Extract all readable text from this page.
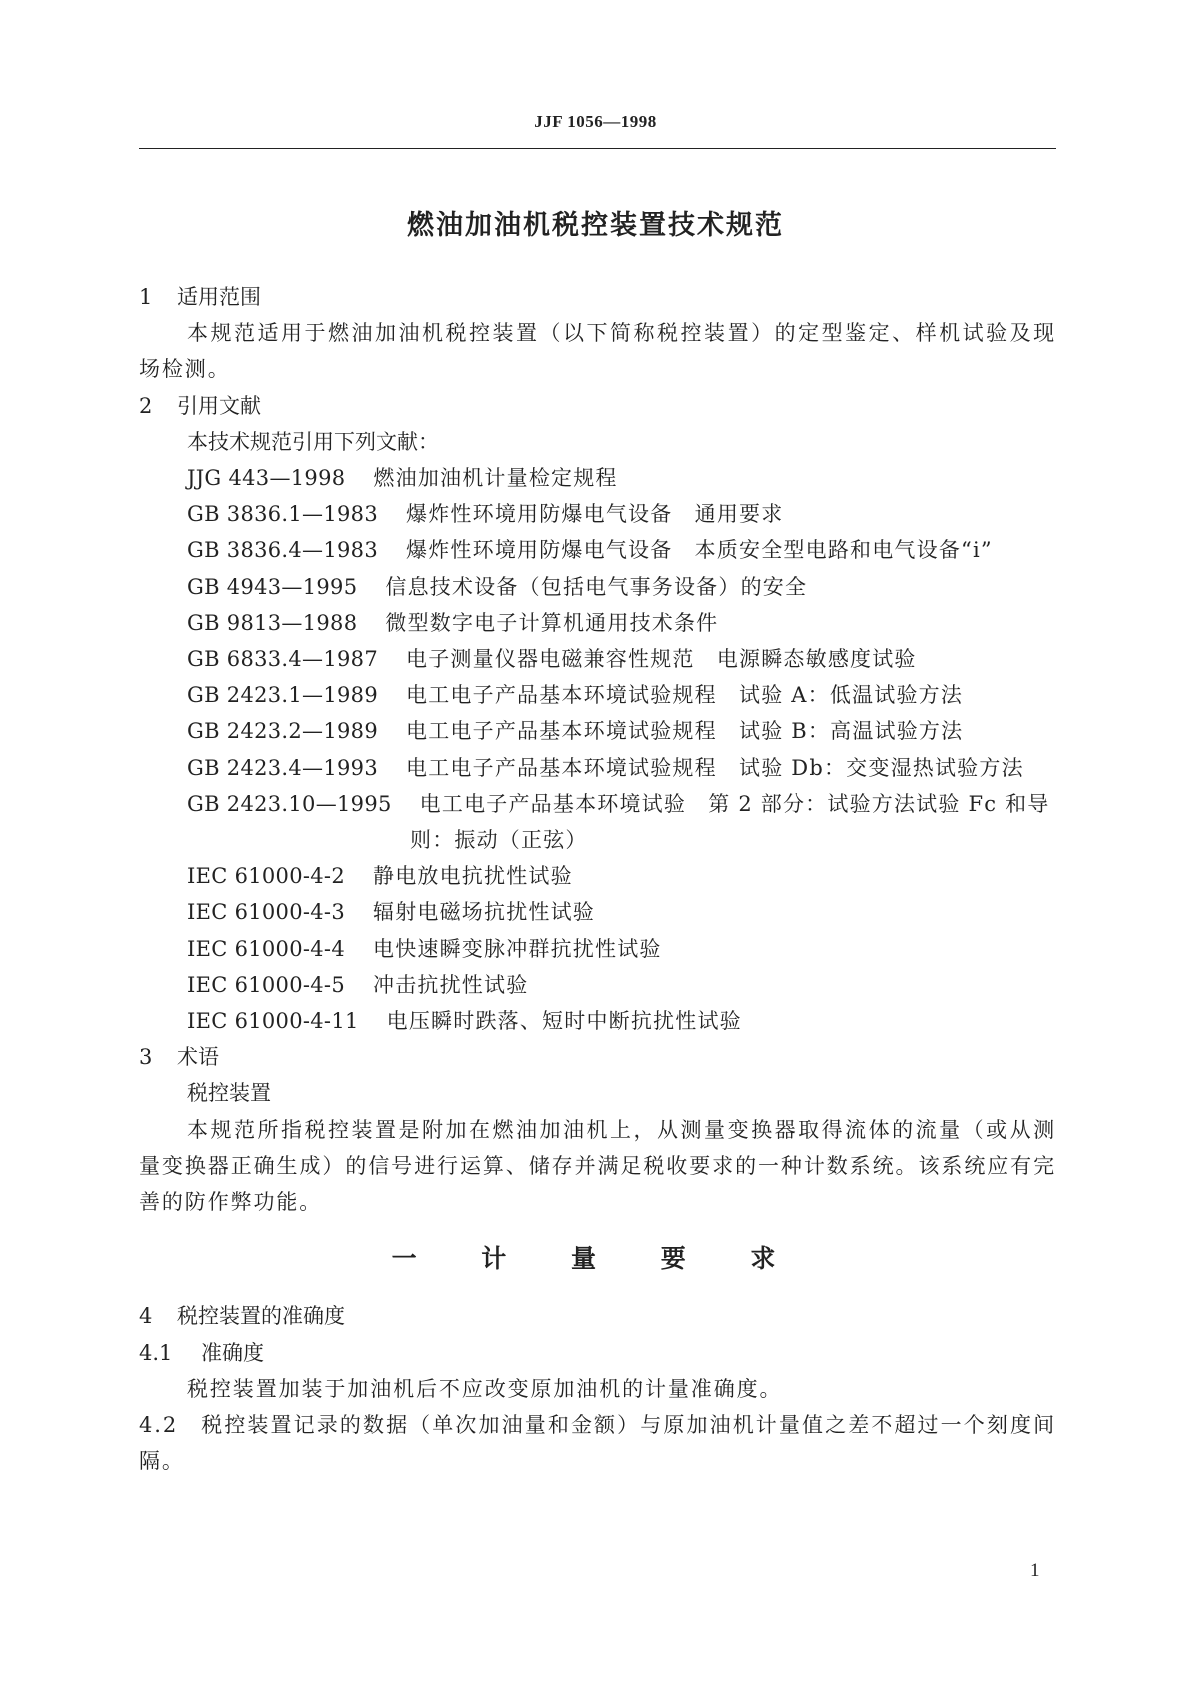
JJF 1056—1998
燃油加油机税控装置技术规范
1	适用范围
本规范适用于燃油加油机税控装置（以下简称税控装置）的定型鉴定、样机试验及现场检测。
2	引用文献
本技术规范引用下列文献：
JJG 443—1998 燃油加油机计量检定规程
GB 3836.1—1983 爆炸性环境用防爆电气设备　通用要求
GB 3836.4—1983 爆炸性环境用防爆电气设备　本质安全型电路和电气设备“i”
GB 4943—1995 信息技术设备（包括电气事务设备）的安全
GB 9813—1988 微型数字电子计算机通用技术条件
GB 6833.4—1987 电子测量仪器电磁兼容性规范　电源瞬态敏感度试验
GB 2423.1—1989 电工电子产品基本环境试验规程　试验 A：低温试验方法
GB 2423.2—1989 电工电子产品基本环境试验规程　试验 B：高温试验方法
GB 2423.4—1993 电工电子产品基本环境试验规程　试验 Db：交变湿热试验方法
GB 2423.10—1995 电工电子产品基本环境试验　第 2 部分：试验方法试验 Fc 和导
则：振动（正弦）
IEC 61000-4-2 静电放电抗扰性试验
IEC 61000-4-3 辐射电磁场抗扰性试验
IEC 61000-4-4 电快速瞬变脉冲群抗扰性试验
IEC 61000-4-5 冲击抗扰性试验
IEC 61000-4-11 电压瞬时跌落、短时中断抗扰性试验
3	术语
税控装置
本规范所指税控装置是附加在燃油加油机上，从测量变换器取得流体的流量（或从测量变换器正确生成）的信号进行运算、储存并满足税收要求的一种计数系统。该系统应有完善的防作弊功能。
一 计 量 要 求
4	税控装置的准确度
4.1	准确度
税控装置加装于加油机后不应改变原加油机的计量准确度。
4.2 税控装置记录的数据（单次加油量和金额）与原加油机计量值之差不超过一个刻度间隔。
1
